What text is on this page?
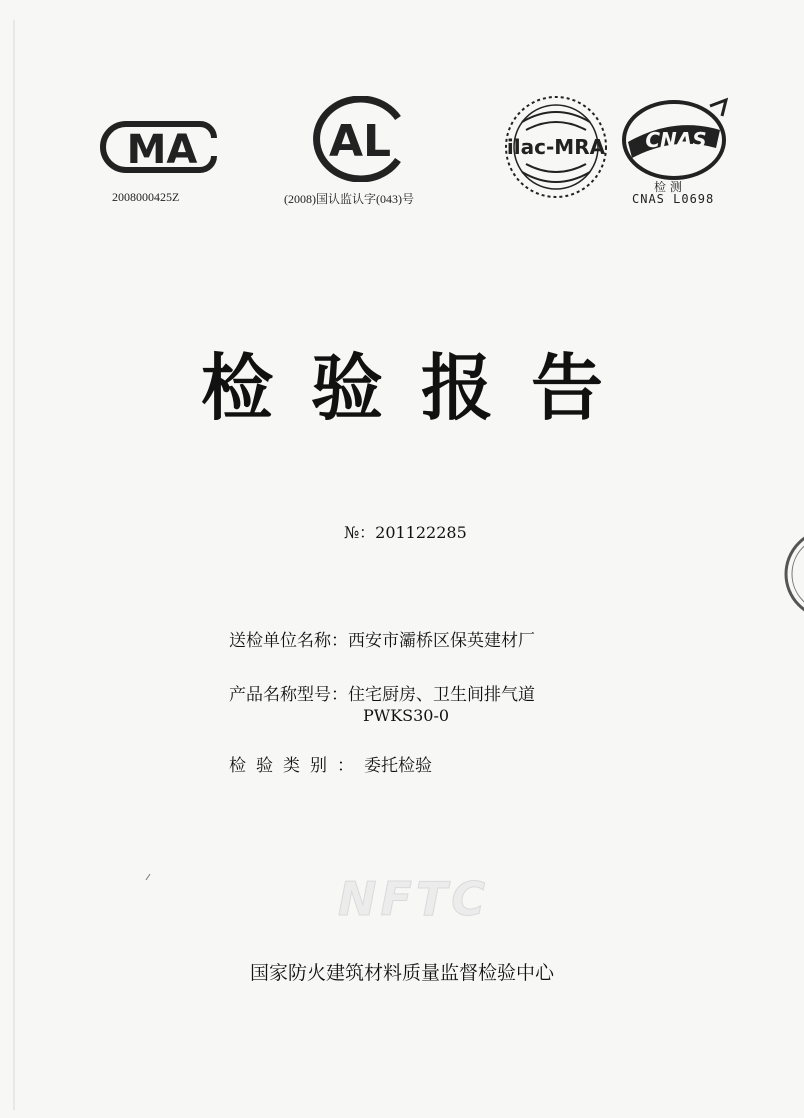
MA
2008000425Z
AL
(2008)国认监认字(043)号
ilac-MRA CNAS
检 测
CNAS L0698
检验报告
№：201122285
送检单位名称：西安市灞桥区保英建材厂
产品名称型号：住宅厨房、卫生间排气道
PWKS30-0
检验类别：委托检验
NFTC
国家防火建筑材料质量监督检验中心
